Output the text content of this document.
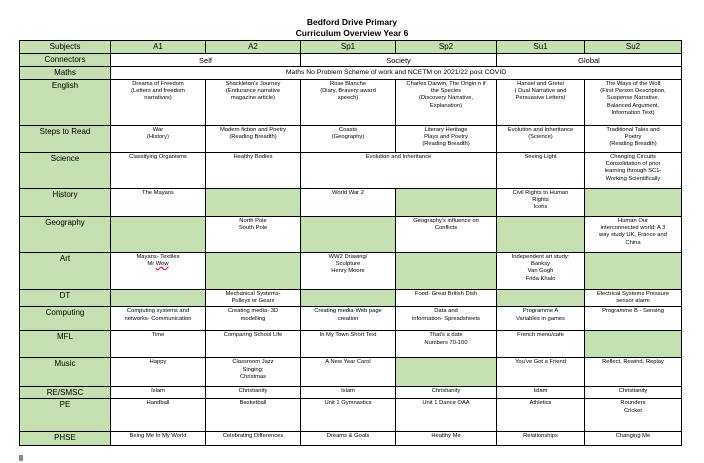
Bedford Drive Primary
Curriculum Overview Year 6
Subjects	A1	A2	Sp1	Sp2	Su1	Su2
Connectors	Self		Society		Global	
Maths	Maths No Problem Scheme of work and NCETM on 2021/22 post COVID					
English	Dreams of Freedom
(Letters and freedom
narratives)	Shackleton's Journey
(Endurance narrative
magazine article)	Rose Blanche
(Diary, Bravery award
speech)	Charles Darwin, The Origin n if
the Species
(Discovery Narrative,
Explanation)	Hansel and Gretel
( Dual Narrative and
Persuasive Letters)	The Ways of the Wolf
(First Person Description,
Suspense Narrative,
Balanced Argument,
Information Text)
Steps to Read	War
(History)	Modern fiction and Poetry
(Reading Breadth)	Coasts
(Geography)	Literary Heritage
Plays and Poetry
(Reading Breadth)	Evolution and Inheritance
(Science)	Traditional Tales and
Poetry
(Reading Breadth)
Science	Classifying Organisms	Healthy Bodies	Evolution and Inheritance		Seeing Light	Changing Circuits
Consolidation of prior
learning through SC1-
Working Scientifically
History	The Mayans		World War 2		Civil Rights to Human
Rights
Icons	
Geography		North Pole
South Pole		Geography's influence on
Conflicts		Human Our
interconnected world: A 3
way study UK, France and
China
Art	Mayans- Textiles
Mr Wow		WW2 Drawing/
Sculpture
Henry Moore		Independent art study:
Banksy
Van Gogh
Frida Khalo	
DT		Mechanical Systems-
Pulleys or Gears		Food- Great British Dish		Electrical Systems Pressure
sensor alarm
Computing	Computing systems and
networks- Communication	Creating media- 3D
modelling	Creating media-Web page
creation	Data and
information- Spreadsheets	Programme A
Variables in games	Programme B - Sensing
MFL	Time	Comparing School Life	In My Town Short Text	That's a date
Numbers 70-100	French menu/cafe	
Music	Happy	Classroom Jazz
Singing:
Christmas	A New Year Carol		You've Got a Friend	Reflect, Rewind, Replay
RE/SMSC	Islam	Christianity	Islam	Christianity	Islam	Christianity
PE	Handball	Basketball	Unit 1 Gymnastics	Unit 1 Dance OAA	Athletics	Rounders
Cricket
PHSE	Being Me In My World	Celebrating Differences	Dreams & Goals	Healthy Me	Relationships	Changing Me
